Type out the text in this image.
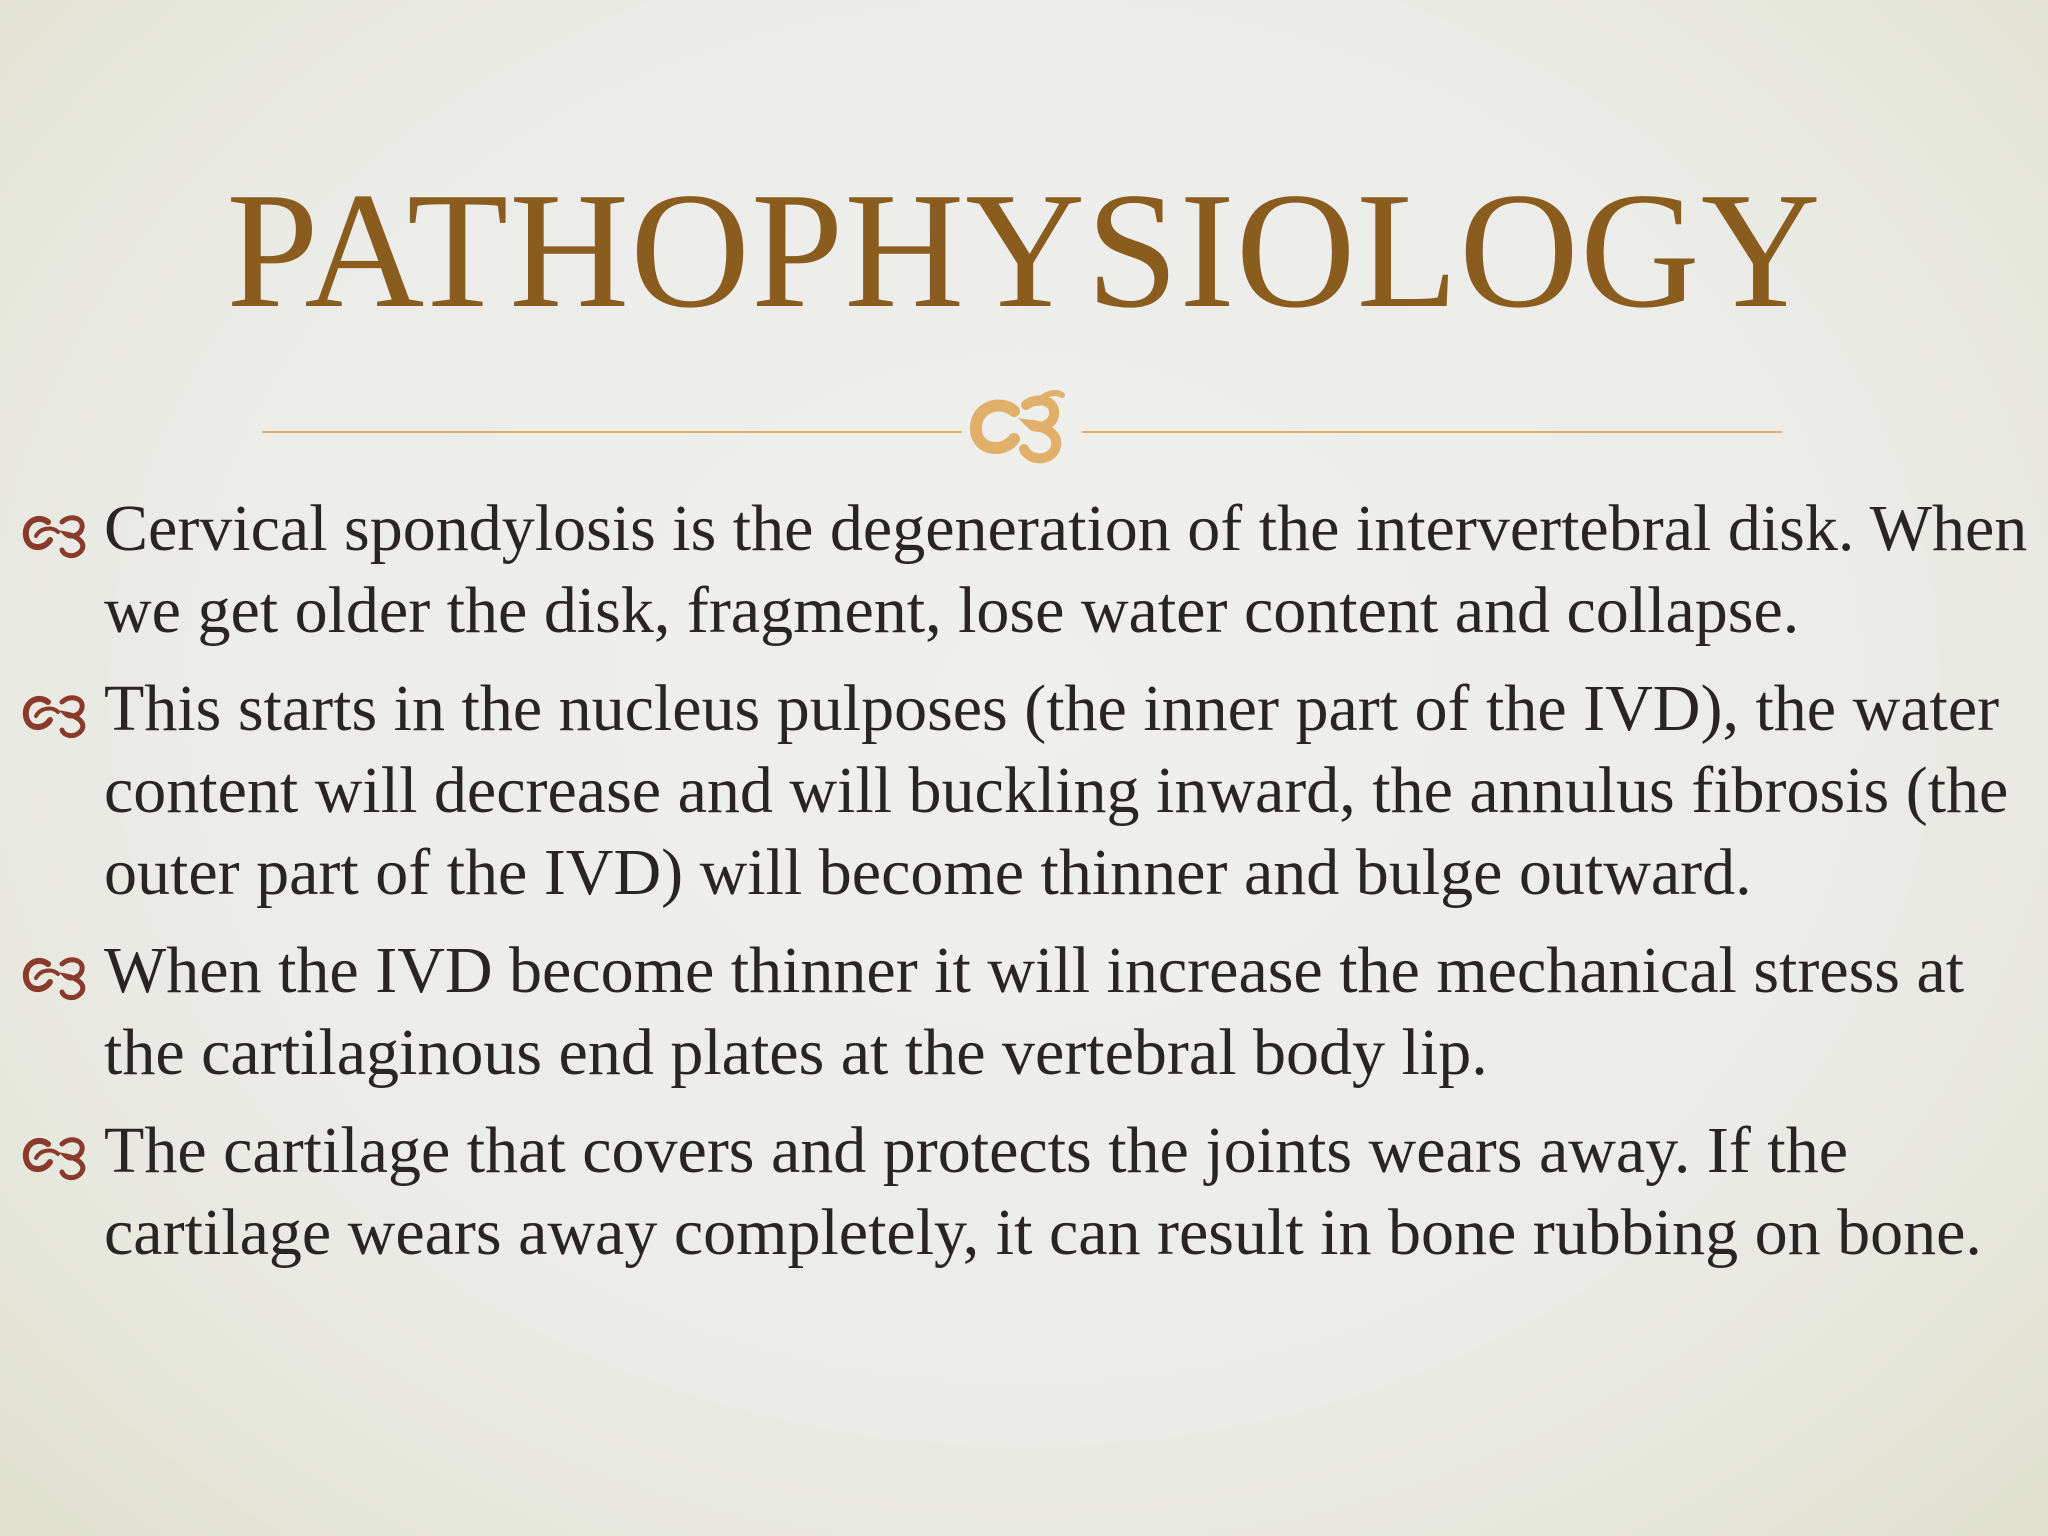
PATHOPHYSIOLOGY
Cervical spondylosis is the degeneration of the intervertebral disk. When we get older the disk, fragment, lose water content and collapse.
This starts in the nucleus pulposes (the inner part of the IVD), the water content will decrease and will buckling inward, the annulus fibrosis (the outer part of the IVD) will become thinner and bulge outward.
When the IVD become thinner it will increase the mechanical stress at the cartilaginous end plates at the vertebral body lip.
The cartilage that covers and protects the joints wears away. If the cartilage wears away completely, it can result in bone rubbing on bone.
